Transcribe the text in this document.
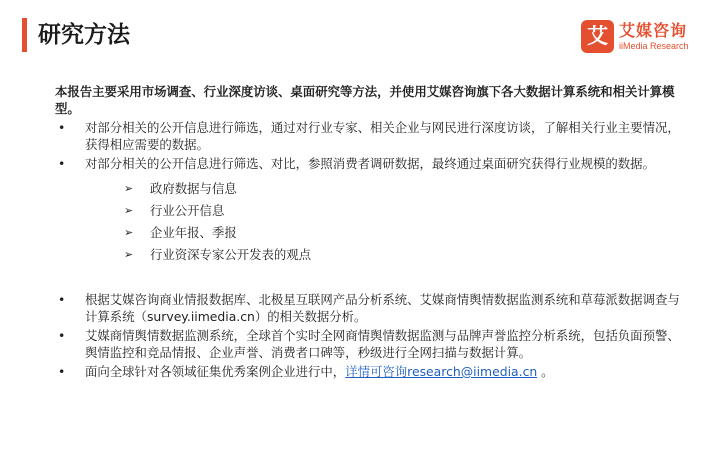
研究方法	艾 艾媒咨询
iiMedia Research

本报告主要采用市场调查、行业深度访谈、桌面研究等方法，并使用艾媒咨询旗下各大数据计算系统和相关计算模型。

• 对部分相关的公开信息进行筛选，通过对行业专家、相关企业与网民进行深度访谈，了解相关行业主要情况，获得相应需要的数据。
• 对部分相关的公开信息进行筛选、对比，参照消费者调研数据，最终通过桌面研究获得行业规模的数据。
➢ 政府数据与信息
➢ 行业公开信息
➢ 企业年报、季报
➢ 行业资深专家公开发表的观点
• 根据艾媒咨询商业情报数据库、北极星互联网产品分析系统、艾媒商情舆情数据监测系统和草莓派数据调查与计算系统（survey.iimedia.cn）的相关数据分析。
• 艾媒商情舆情数据监测系统，全球首个实时全网商情舆情数据监测与品牌声誉监控分析系统，包括负面预警、舆情监控和竞品情报、企业声誉、消费者口碑等，秒级进行全网扫描与数据计算。
• 面向全球针对各领域征集优秀案例企业进行中，详情可咨询research@iimedia.cn 。
